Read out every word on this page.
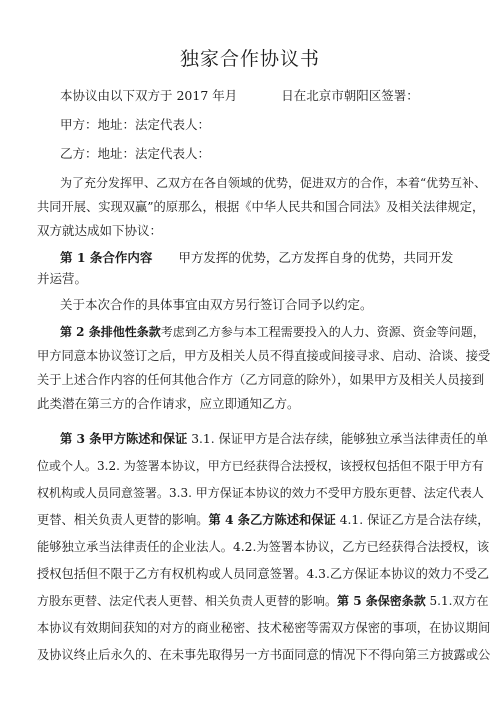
独家合作协议书
本协议由以下双方于 2017 年月	日在北京市朝阳区签署：
甲方：地址：法定代表人：
乙方：地址：法定代表人：
为了充分发挥甲、乙双方在各自领域的优势，促进双方的合作，本着“优势互补、
共同开展、实现双赢”的原那么，根据《中华人民共和国合同法》及相关法律规定，
双方就达成如下协议：
第 1 条合作内容 甲方发挥的优势，乙方发挥自身的优势，共同开发
并运营。
关于本次合作的具体事宜由双方另行签订合同予以约定。
第 2 条排他性条款考虑到乙方参与本工程需要投入的人力、资源、资金等问题，
甲方同意本协议签订之后，甲方及相关人员不得直接或间接寻求、启动、洽谈、接受
关于上述合作内容的任何其他合作方（乙方同意的除外），如果甲方及相关人员接到
此类潜在第三方的合作请求，应立即通知乙方。
第 3 条甲方陈述和保证 3.1. 保证甲方是合法存续，能够独立承当法律责任的单
位或个人。3.2. 为签署本协议，甲方已经获得合法授权，该授权包括但不限于甲方有
权机构或人员同意签署。3.3. 甲方保证本协议的效力不受甲方股东更替、法定代表人
更替、相关负责人更替的影响。第 4 条乙方陈述和保证 4.1. 保证乙方是合法存续，
能够独立承当法律责任的企业法人。4.2.为签署本协议，乙方已经获得合法授权，该
授权包括但不限于乙方有权机构或人员同意签署。4.3.乙方保证本协议的效力不受乙
方股东更替、法定代表人更替、相关负责人更替的影响。第 5 条保密条款 5.1.双方在
本协议有效期间获知的对方的商业秘密、技术秘密等需双方保密的事项，在协议期间
及协议终止后永久的、在未事先取得另一方书面同意的情况下不得向第三方披露或公
